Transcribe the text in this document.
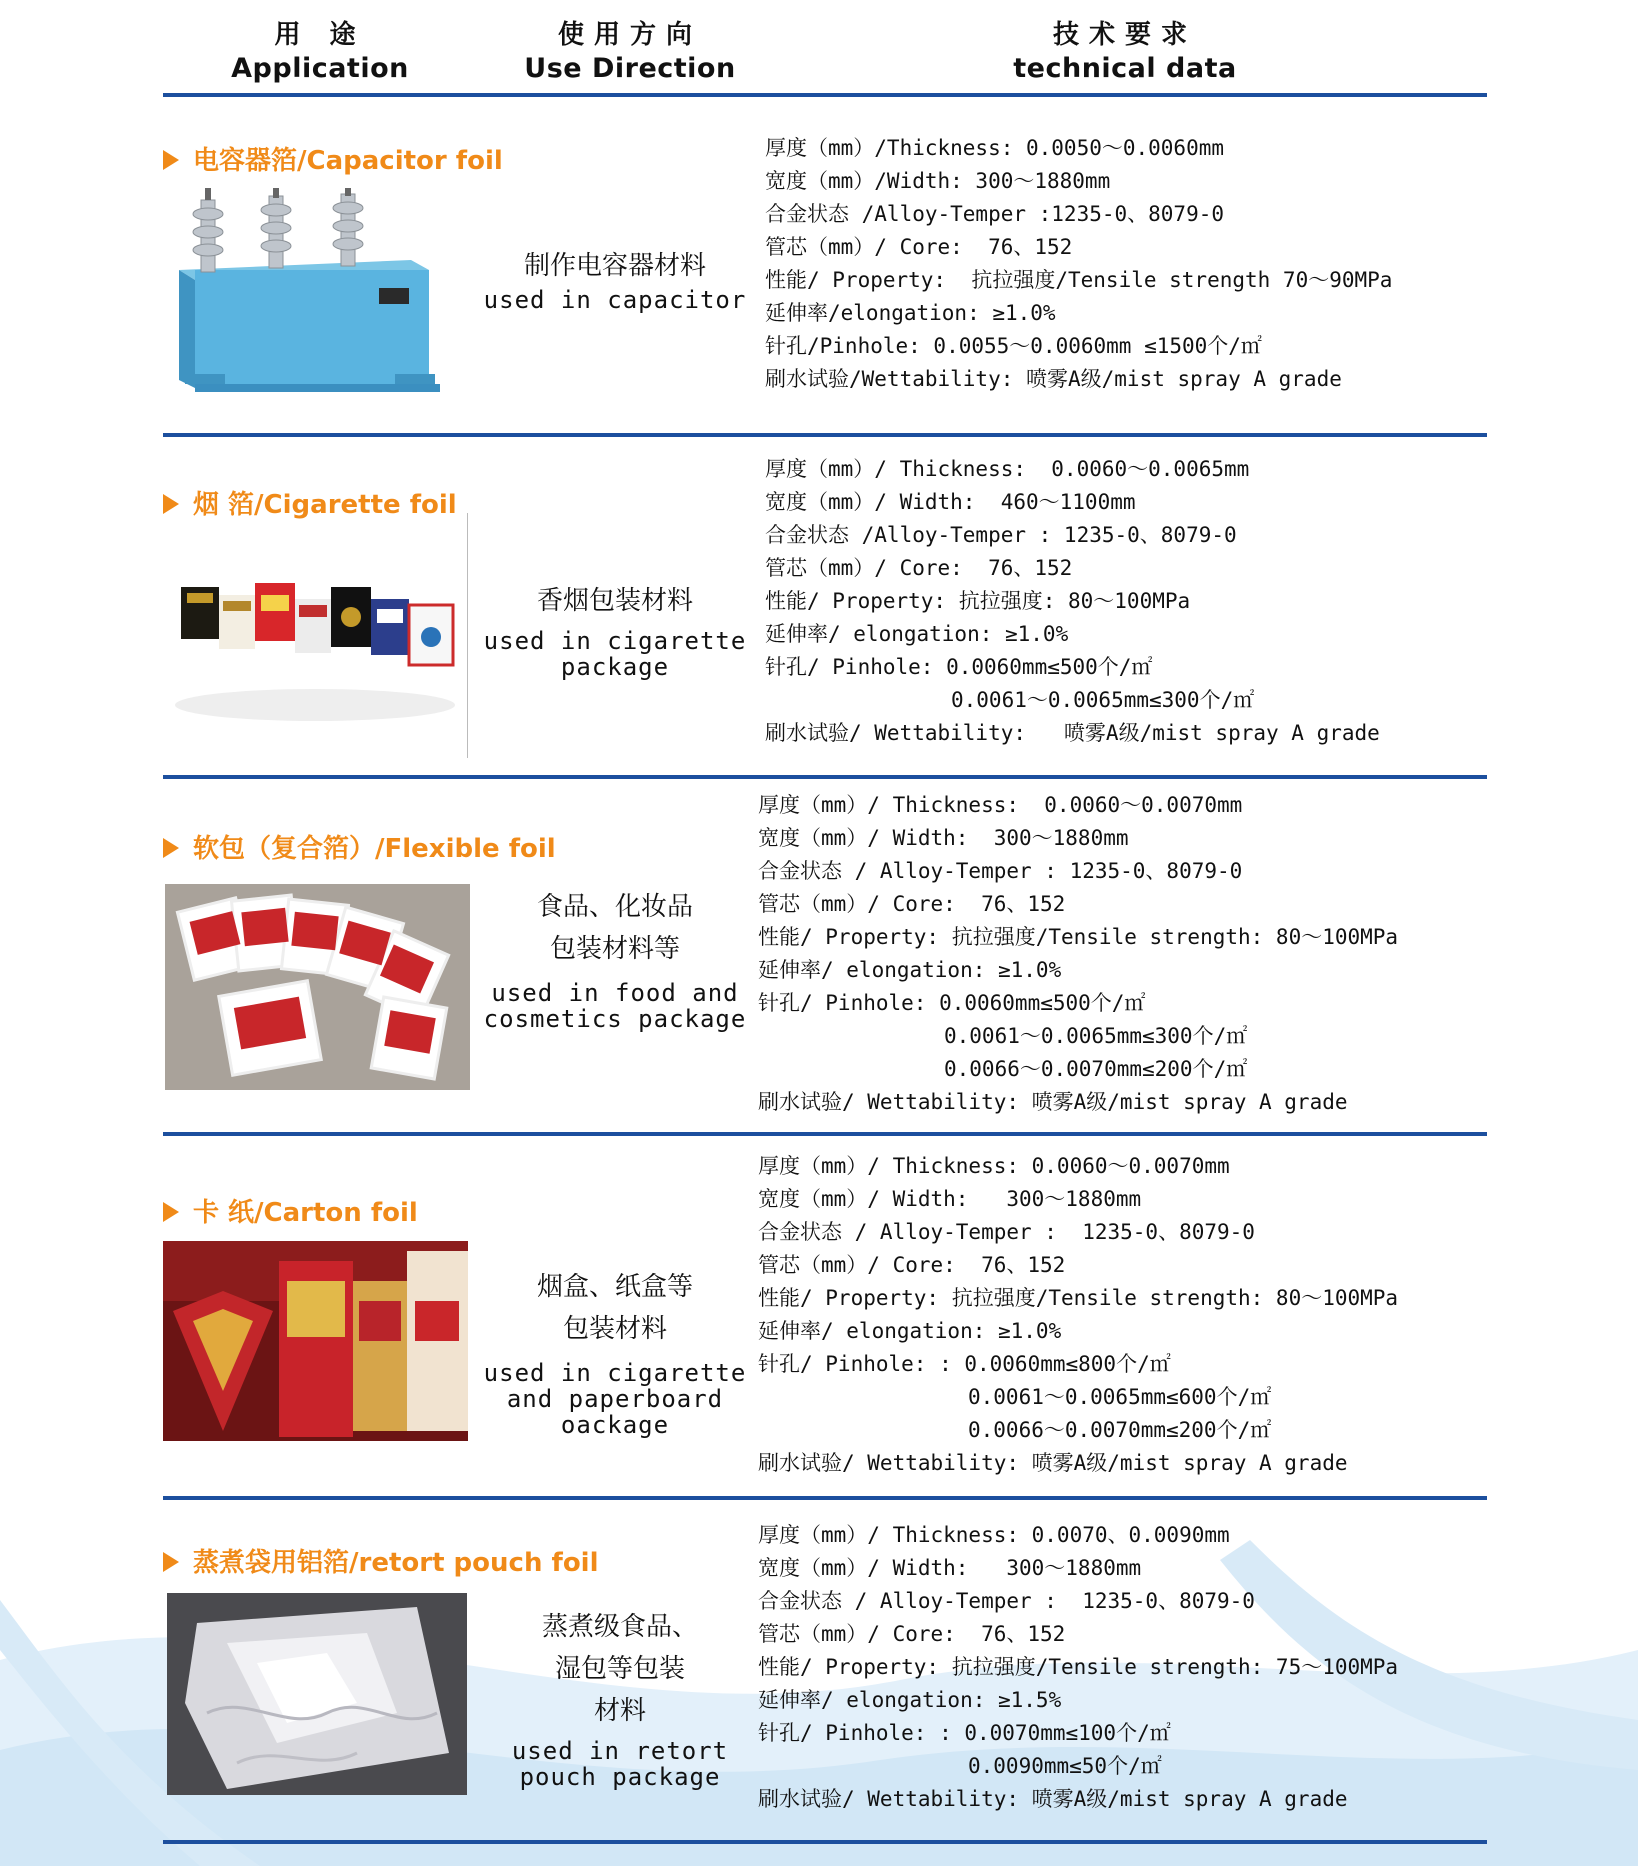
用 途
Application
使用方向
Use Direction
技术要求
technical data
电容器箔/Capacitor foil
制作电容器材料
used in capacitor
厚度（mm）/Thickness: 0.0050～0.0060mm
宽度（mm）/Width: 300～1880mm
合金状态 /Alloy-Temper :1235-0、8079-0
管芯（mm）/ Core:  76、152
性能/ Property:  抗拉强度/Tensile strength 70～90MPa
延伸率/elongation: ≥1.0%
针孔/Pinhole: 0.0055～0.0060mm ≤1500个/㎡
刷水试验/Wettability: 喷雾A级/mist spray A grade
烟 箔/Cigarette foil
香烟包装材料
used in cigarette
package
厚度（mm）/ Thickness:  0.0060～0.0065mm
宽度（mm）/ Width:  460～1100mm
合金状态 /Alloy-Temper : 1235-0、8079-0
管芯（mm）/ Core:  76、152
性能/ Property: 抗拉强度: 80～100MPa
延伸率/ elongation: ≥1.0%
针孔/ Pinhole: 0.0060mm≤500个/㎡
0.0061～0.0065mm≤300个/㎡
刷水试验/ Wettability:   喷雾A级/mist spray A grade
软包（复合箔）/Flexible foil
食品、化妆品
包装材料等
used in food and
cosmetics package
厚度（mm）/ Thickness:  0.0060～0.0070mm
宽度（mm）/ Width:  300～1880mm
合金状态 / Alloy-Temper : 1235-0、8079-0
管芯（mm）/ Core:  76、152
性能/ Property: 抗拉强度/Tensile strength: 80～100MPa
延伸率/ elongation: ≥1.0%
针孔/ Pinhole: 0.0060mm≤500个/㎡
0.0061～0.0065mm≤300个/㎡
0.0066～0.0070mm≤200个/㎡
刷水试验/ Wettability: 喷雾A级/mist spray A grade
卡 纸/Carton foil
烟盒、纸盒等
包装材料
used in cigarette
and paperboard
oackage
厚度（mm）/ Thickness: 0.0060～0.0070mm
宽度（mm）/ Width:   300～1880mm
合金状态 / Alloy-Temper :  1235-0、8079-0
管芯（mm）/ Core:  76、152
性能/ Property: 抗拉强度/Tensile strength: 80～100MPa
延伸率/ elongation: ≥1.0%
针孔/ Pinhole: : 0.0060mm≤800个/㎡
0.0061～0.0065mm≤600个/㎡
0.0066～0.0070mm≤200个/㎡
刷水试验/ Wettability: 喷雾A级/mist spray A grade
蒸煮袋用铝箔/retort pouch foil
蒸煮级食品、
湿包等包装
材料
used in retort
pouch package
厚度（mm）/ Thickness: 0.0070、0.0090mm
宽度（mm）/ Width:   300～1880mm
合金状态 / Alloy-Temper :  1235-0、8079-0
管芯（mm）/ Core:  76、152
性能/ Property: 抗拉强度/Tensile strength: 75～100MPa
延伸率/ elongation: ≥1.5%
针孔/ Pinhole: : 0.0070mm≤100个/㎡
0.0090mm≤50个/㎡
刷水试验/ Wettability: 喷雾A级/mist spray A grade
